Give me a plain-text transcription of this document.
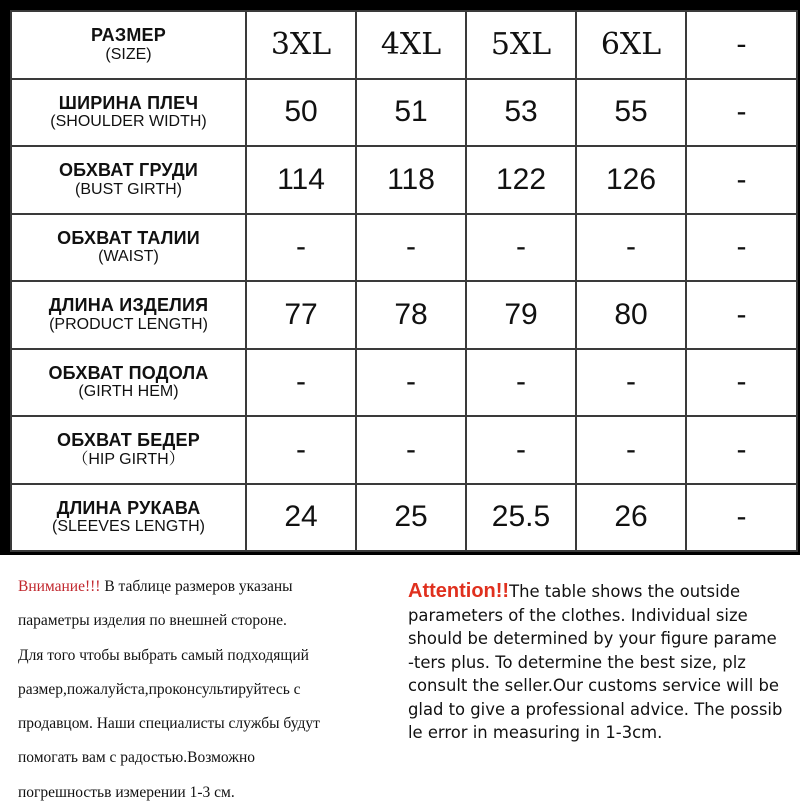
РАЗМЕР
(SIZE)	3XL	4XL	5XL	6XL	-

ШИРИНА ПЛЕЧ
(SHOULDER WIDTH)	50	51	53	55	-

ОБХВАТ ГРУДИ
(BUST GIRTH)	114	118	122	126	-

ОБХВАТ ТАЛИИ
(WAIST)	-	-	-	-	-

ДЛИНА ИЗДЕЛИЯ
(PRODUCT LENGTH)	77	78	79	80	-

ОБХВАТ ПОДОЛА
(GIRTH HEM)	-	-	-	-	-

ОБХВАТ БЕДЕР
（HIP GIRTH）	-	-	-	-	-

ДЛИНА РУКАВА
(SLEEVES LENGTH)	24	25	25.5	26	-
Внимание!!! В таблице размеров указаны
параметры изделия по внешней стороне.
Для того чтобы выбрать самый подходящий
размер,пожалуйста,проконсультируйтесь с
продавцом. Наши специалисты службы будут
помогать вам с радостью.Возможно
погрешностьв измерении 1-3 см.
Attention!!The table shows the outside
parameters of the clothes. Individual size
should be determined by your figure parame
-ters plus. To determine the best size, plz
consult the seller.Our customs service will be
glad to give a professional advice. The possib
le error in measuring in 1-3cm.
